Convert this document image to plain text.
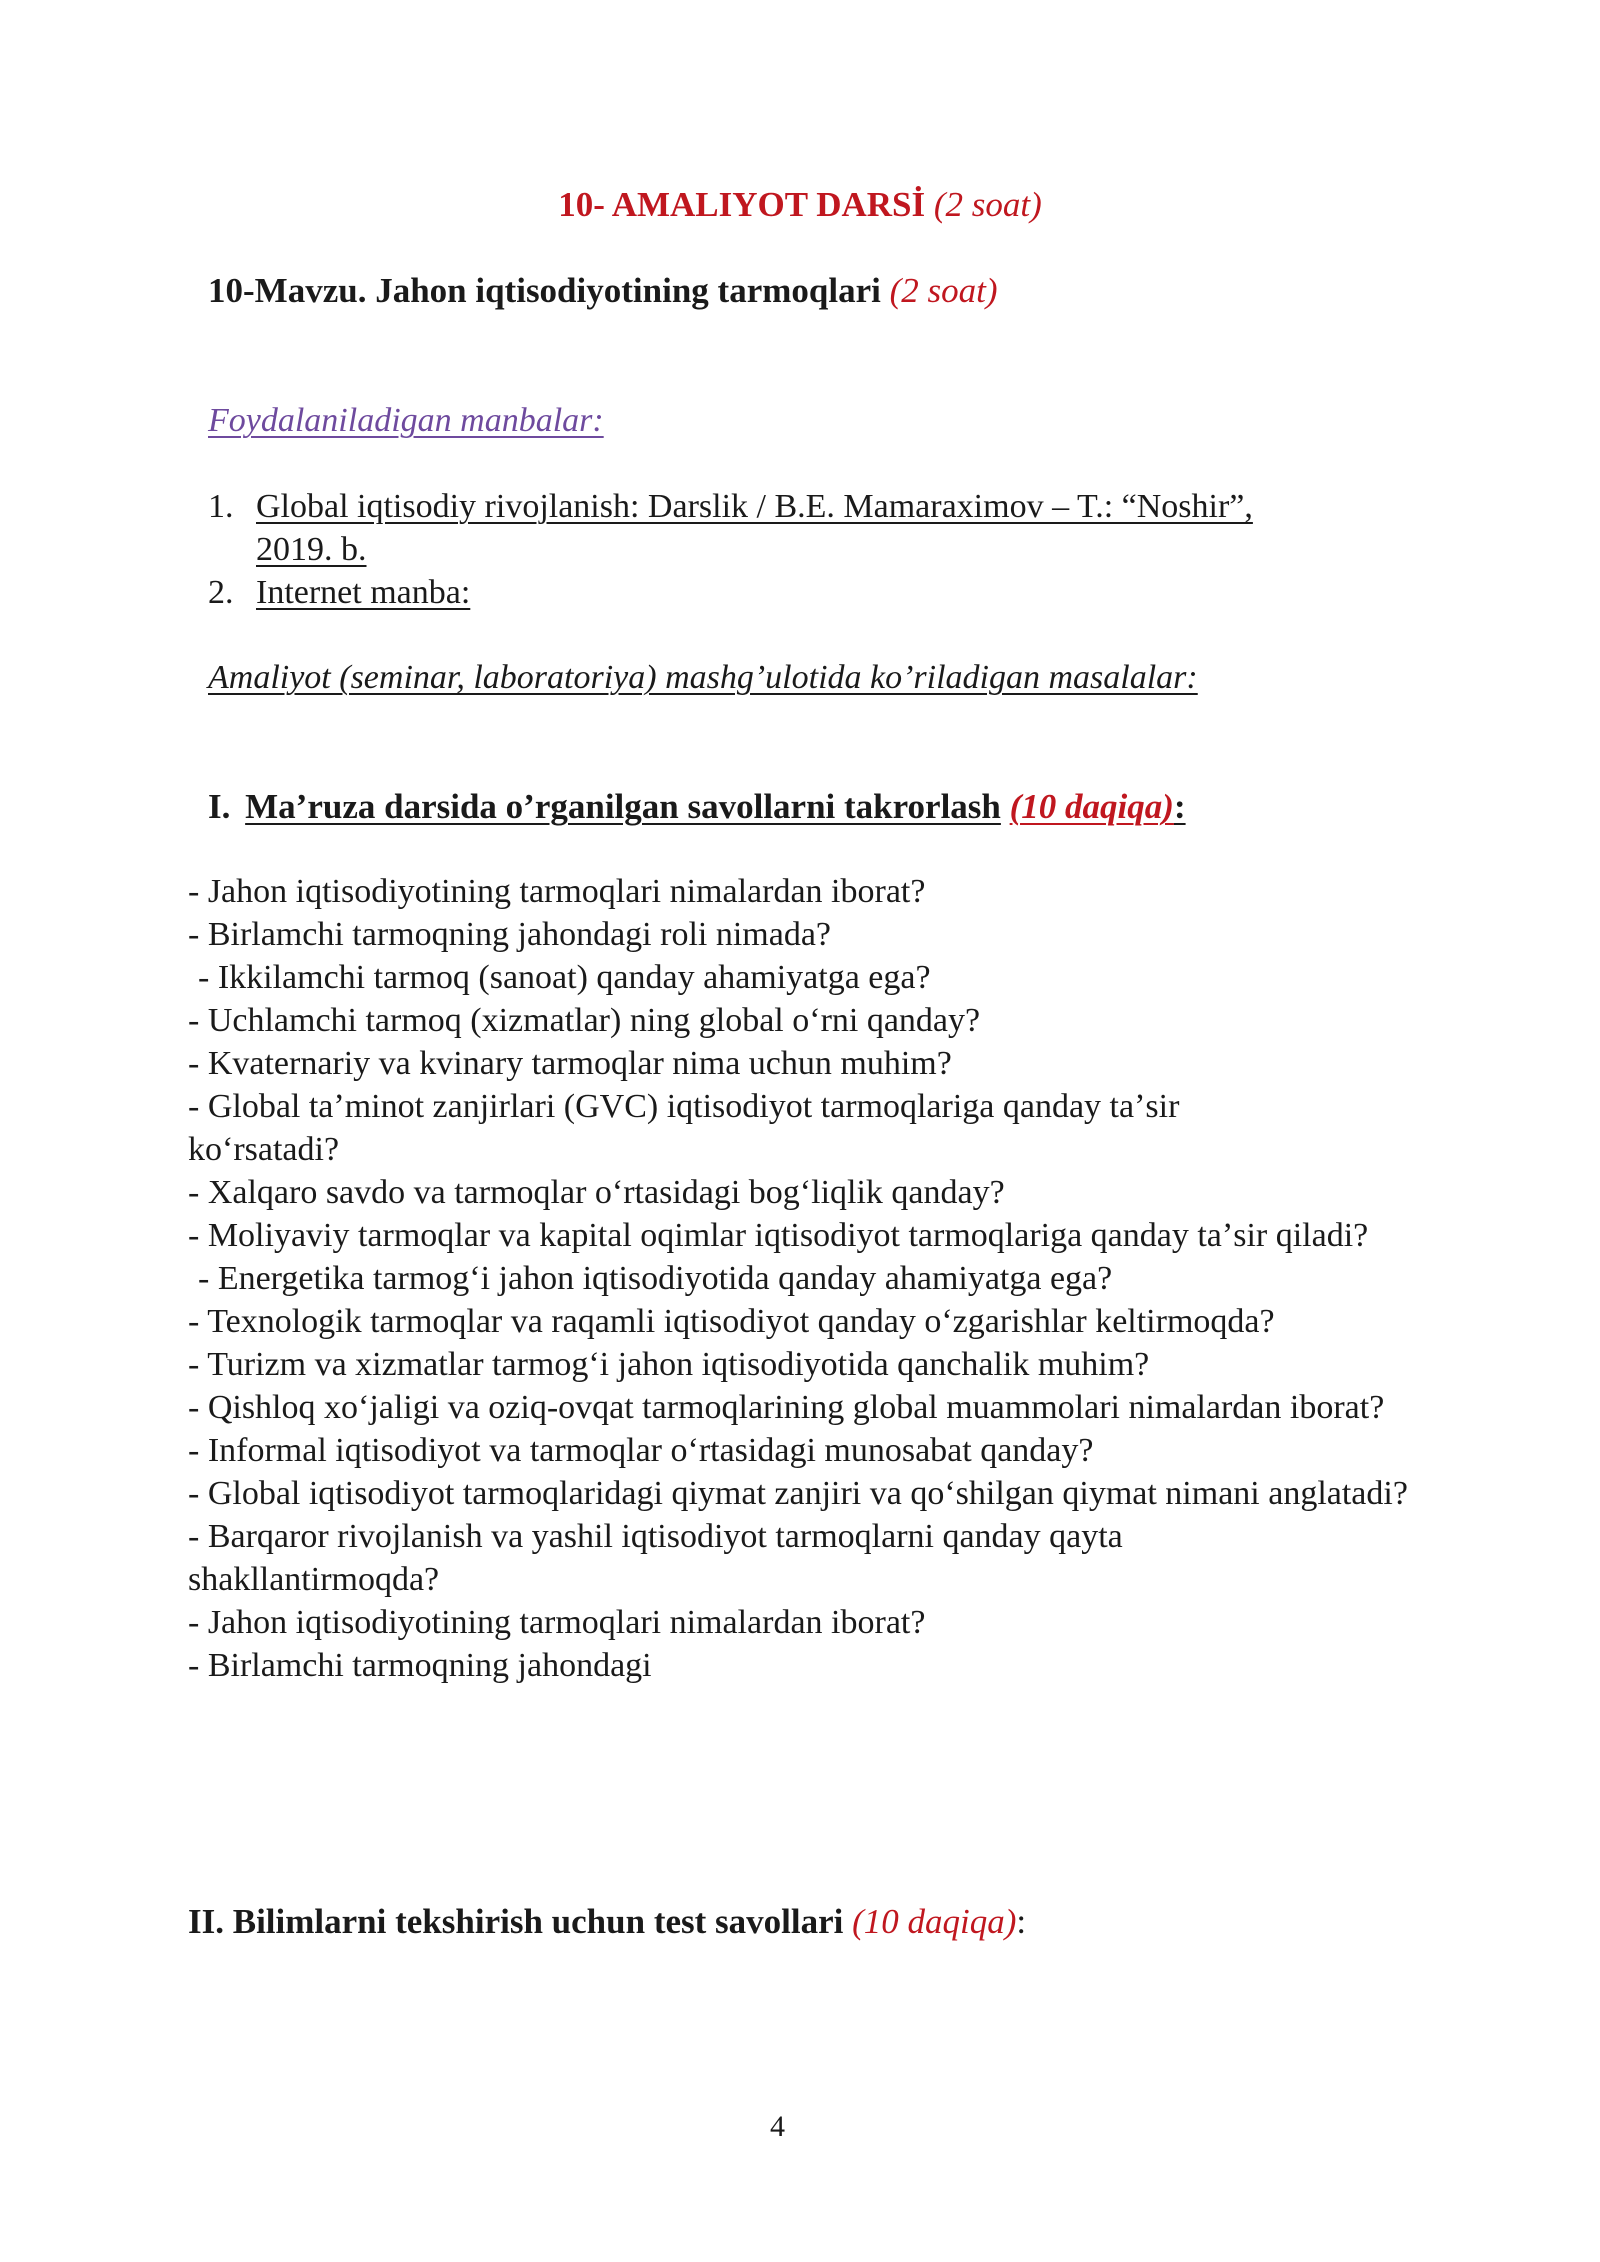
10- AMALIYOT DARSİ (2 soat)
10-Mavzu. Jahon iqtisodiyotining tarmoqlari (2 soat)
Foydalaniladigan manbalar:
1. Global iqtisodiy rivojlanish: Darslik / B.E. Mamaraximov – T.: “Noshir”,
2019. b.
2. Internet manba:
Amaliyot (seminar, laboratoriya) mashg’ulotida ko’riladigan masalalar:
I. Ma’ruza darsida o’rganilgan savollarni takrorlash (10 daqiqa):
- Jahon iqtisodiyotining tarmoqlari nimalardan iborat?
- Birlamchi tarmoqning jahondagi roli nimada?
- Ikkilamchi tarmoq (sanoat) qanday ahamiyatga ega?
- Uchlamchi tarmoq (xizmatlar) ning global oʻrni qanday?
- Kvaternariy va kvinary tarmoqlar nima uchun muhim?
- Global taʼminot zanjirlari (GVC) iqtisodiyot tarmoqlariga qanday taʼsir koʻrsatadi?
- Xalqaro savdo va tarmoqlar oʻrtasidagi bogʻliqlik qanday?
- Moliyaviy tarmoqlar va kapital oqimlar iqtisodiyot tarmoqlariga qanday taʼsir qiladi?
- Energetika tarmogʻi jahon iqtisodiyotida qanday ahamiyatga ega?
- Texnologik tarmoqlar va raqamli iqtisodiyot qanday oʻzgarishlar keltirmoqda?
- Turizm va xizmatlar tarmogʻi jahon iqtisodiyotida qanchalik muhim?
- Qishloq xoʻjaligi va oziq-ovqat tarmoqlarining global muammolari nimalardan iborat?
- Informal iqtisodiyot va tarmoqlar oʻrtasidagi munosabat qanday?
- Global iqtisodiyot tarmoqlaridagi qiymat zanjiri va qoʻshilgan qiymat nimani anglatadi?
- Barqaror rivojlanish va yashil iqtisodiyot tarmoqlarni qanday qayta shakllantirmoqda?
- Jahon iqtisodiyotining tarmoqlari nimalardan iborat?
- Birlamchi tarmoqning jahondagi
II. Bilimlarni tekshirish uchun test savollari (10 daqiqa):
4
